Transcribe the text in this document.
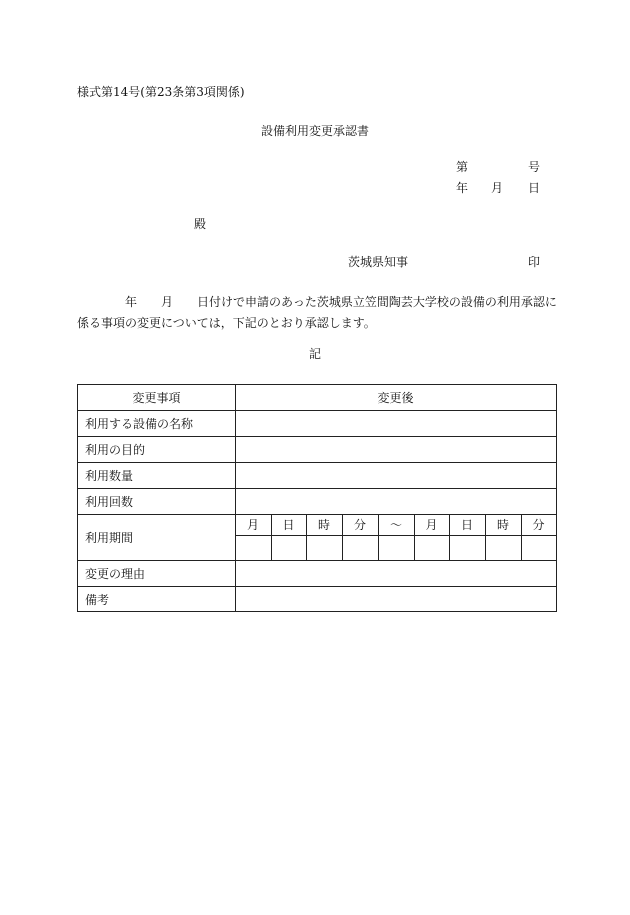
様式第14号(第23条第3項関係)
設備利用変更承認書
第	号
年 月 日
殿
茨城県知事	印
年 月 日付けで申請のあった茨城県立笠間陶芸大学校の設備の利用承認に
係る事項の変更については，下記のとおり承認します。
記
変更事項	変更後
利用する設備の名称
利用の目的
利用数量
利用回数
利用期間
月	日	時	分	～	月	日	時	分
変更の理由
備考
